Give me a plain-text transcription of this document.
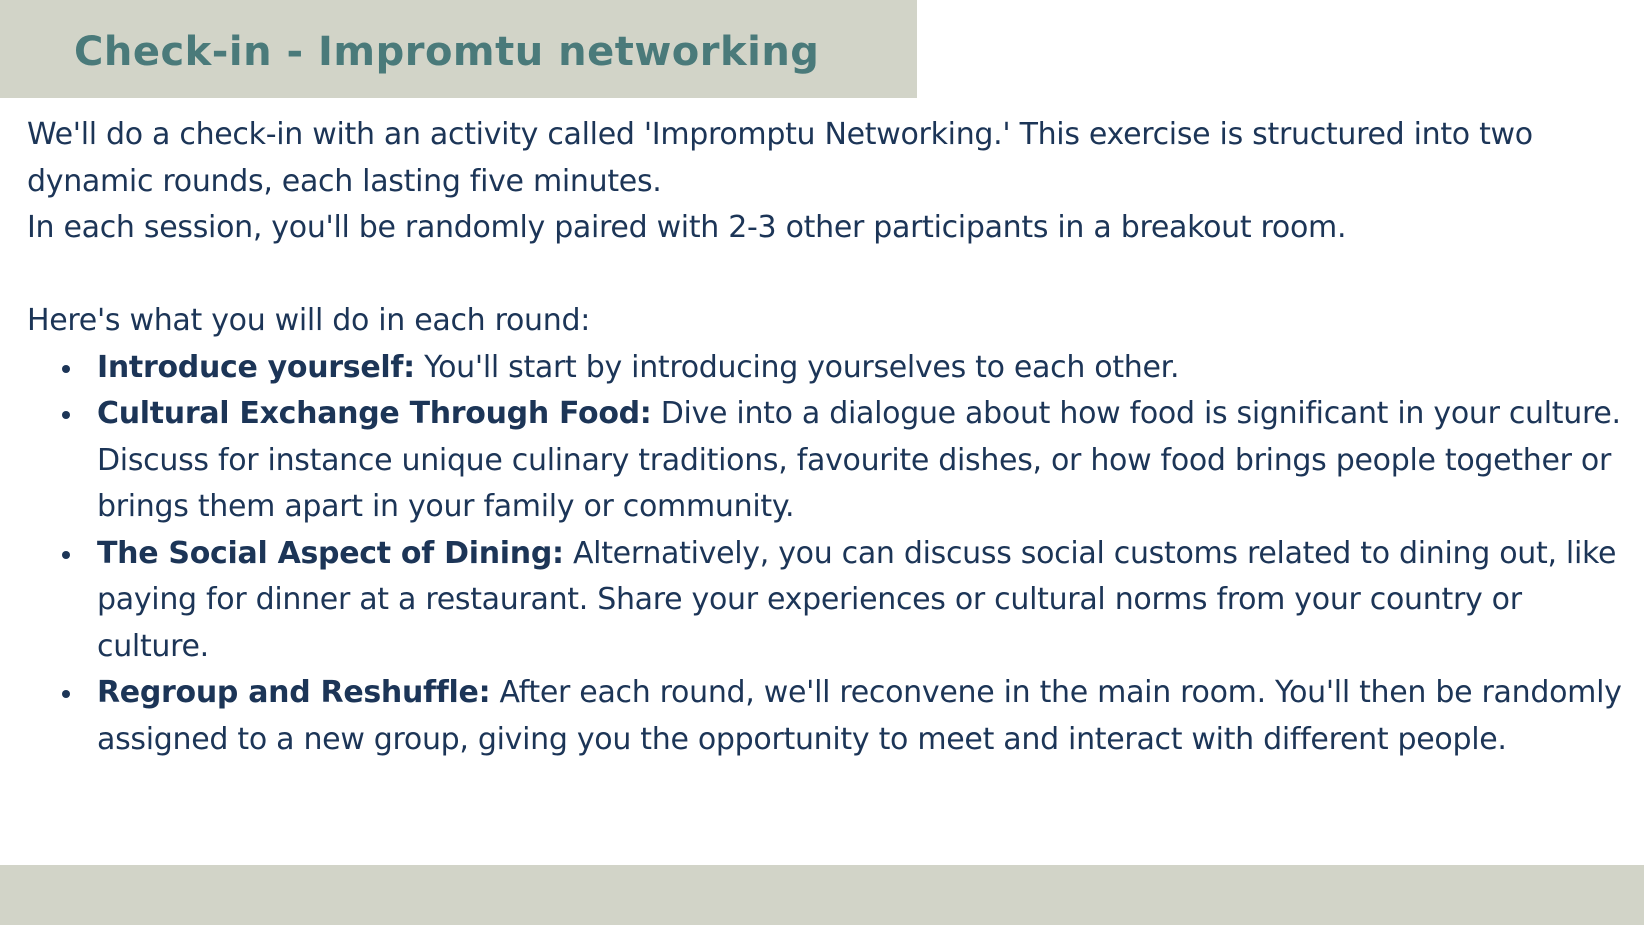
Check-in - Impromtu networking

We'll do a check-in with an activity called 'Impromptu Networking.' This exercise is structured into two dynamic rounds, each lasting five minutes.

In each session, you'll be randomly paired with 2-3 other participants in a breakout room.

Here's what you will do in each round:

Introduce yourself: You'll start by introducing yourselves to each other.
Cultural Exchange Through Food: Dive into a dialogue about how food is significant in your culture. Discuss for instance unique culinary traditions, favourite dishes, or how food brings people together or brings them apart in your family or community.
The Social Aspect of Dining: Alternatively, you can discuss social customs related to dining out, like paying for dinner at a restaurant. Share your experiences or cultural norms from your country or culture.
Regroup and Reshuffle: After each round, we'll reconvene in the main room. You'll then be randomly assigned to a new group, giving you the opportunity to meet and interact with different people.
